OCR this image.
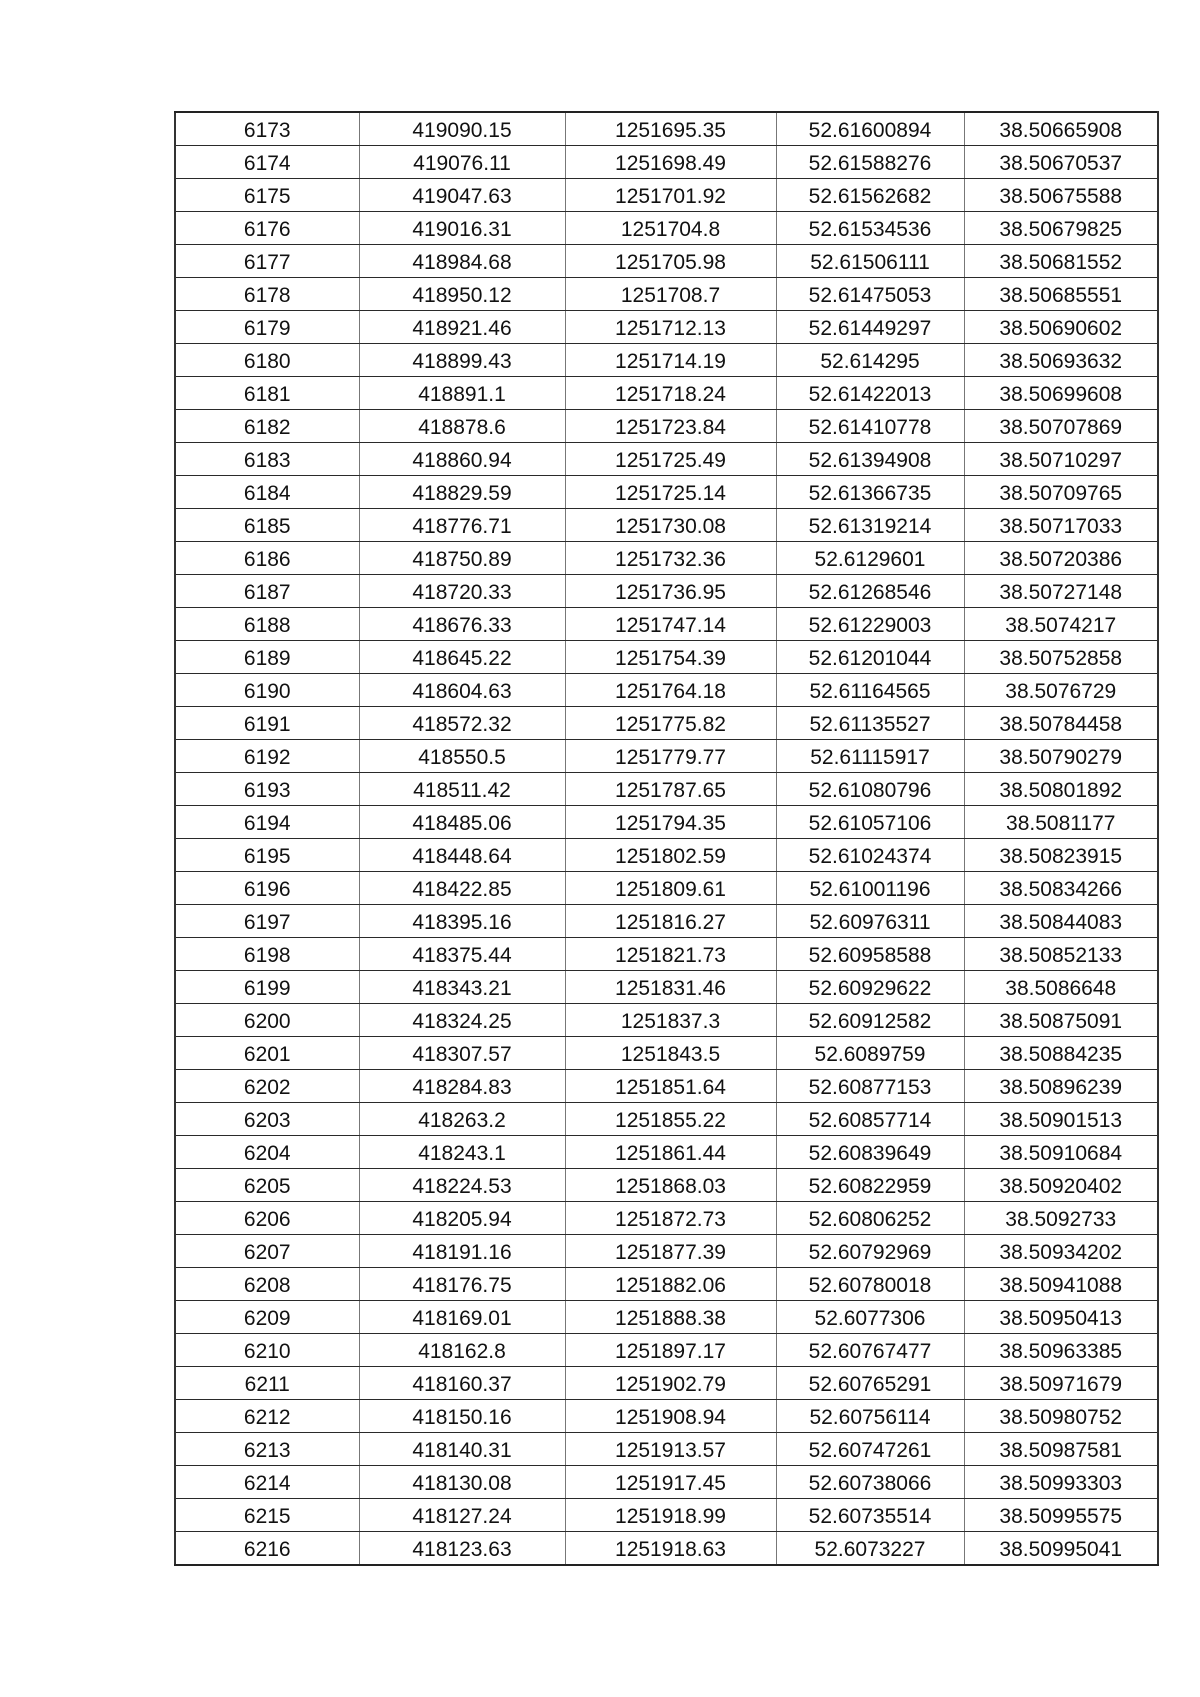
6173	419090.15	1251695.35	52.61600894	38.50665908
6174	419076.11	1251698.49	52.61588276	38.50670537
6175	419047.63	1251701.92	52.61562682	38.50675588
6176	419016.31	1251704.8	52.61534536	38.50679825
6177	418984.68	1251705.98	52.61506111	38.50681552
6178	418950.12	1251708.7	52.61475053	38.50685551
6179	418921.46	1251712.13	52.61449297	38.50690602
6180	418899.43	1251714.19	52.614295	38.50693632
6181	418891.1	1251718.24	52.61422013	38.50699608
6182	418878.6	1251723.84	52.61410778	38.50707869
6183	418860.94	1251725.49	52.61394908	38.50710297
6184	418829.59	1251725.14	52.61366735	38.50709765
6185	418776.71	1251730.08	52.61319214	38.50717033
6186	418750.89	1251732.36	52.6129601	38.50720386
6187	418720.33	1251736.95	52.61268546	38.50727148
6188	418676.33	1251747.14	52.61229003	38.5074217
6189	418645.22	1251754.39	52.61201044	38.50752858
6190	418604.63	1251764.18	52.61164565	38.5076729
6191	418572.32	1251775.82	52.61135527	38.50784458
6192	418550.5	1251779.77	52.61115917	38.50790279
6193	418511.42	1251787.65	52.61080796	38.50801892
6194	418485.06	1251794.35	52.61057106	38.5081177
6195	418448.64	1251802.59	52.61024374	38.50823915
6196	418422.85	1251809.61	52.61001196	38.50834266
6197	418395.16	1251816.27	52.60976311	38.50844083
6198	418375.44	1251821.73	52.60958588	38.50852133
6199	418343.21	1251831.46	52.60929622	38.5086648
6200	418324.25	1251837.3	52.60912582	38.50875091
6201	418307.57	1251843.5	52.6089759	38.50884235
6202	418284.83	1251851.64	52.60877153	38.50896239
6203	418263.2	1251855.22	52.60857714	38.50901513
6204	418243.1	1251861.44	52.60839649	38.50910684
6205	418224.53	1251868.03	52.60822959	38.50920402
6206	418205.94	1251872.73	52.60806252	38.5092733
6207	418191.16	1251877.39	52.60792969	38.50934202
6208	418176.75	1251882.06	52.60780018	38.50941088
6209	418169.01	1251888.38	52.6077306	38.50950413
6210	418162.8	1251897.17	52.60767477	38.50963385
6211	418160.37	1251902.79	52.60765291	38.50971679
6212	418150.16	1251908.94	52.60756114	38.50980752
6213	418140.31	1251913.57	52.60747261	38.50987581
6214	418130.08	1251917.45	52.60738066	38.50993303
6215	418127.24	1251918.99	52.60735514	38.50995575
6216	418123.63	1251918.63	52.6073227	38.50995041
